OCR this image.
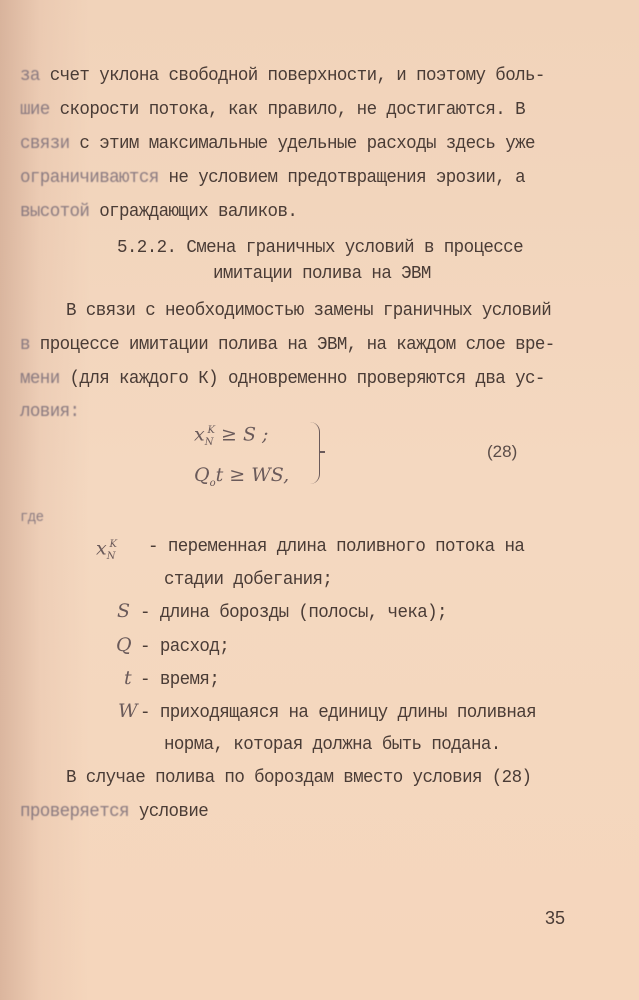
за счет уклона свободной поверхности, и поэтому боль-
шие скорости потока, как правило, не достигаются. В
связи с этим максимальные удельные расходы здесь уже
ограничиваются не условием предотвращения эрозии, а
высотой ограждающих валиков.
5.2.2. Смена граничных условий в процессе
имитации полива на ЭВМ
В связи с необходимостью замены граничных условий
в процессе имитации полива на ЭВМ, на каждом слое вре-
мени (для каждого К) одновременно проверяются два ус-
ловия:
$x_N^K \ge S$ ;
$Q_ot$ ≥ WS,
(28)
где
$x_N^K$ - переменная длина поливного потока на
стадии добегания;
S - длина борозды (полосы, чека);
Q - расход;
t - время;
W - приходящаяся на единицу длины поливная
норма, которая должна быть подана.
В случае полива по бороздам вместо условия (28)
проверяется условие
35
